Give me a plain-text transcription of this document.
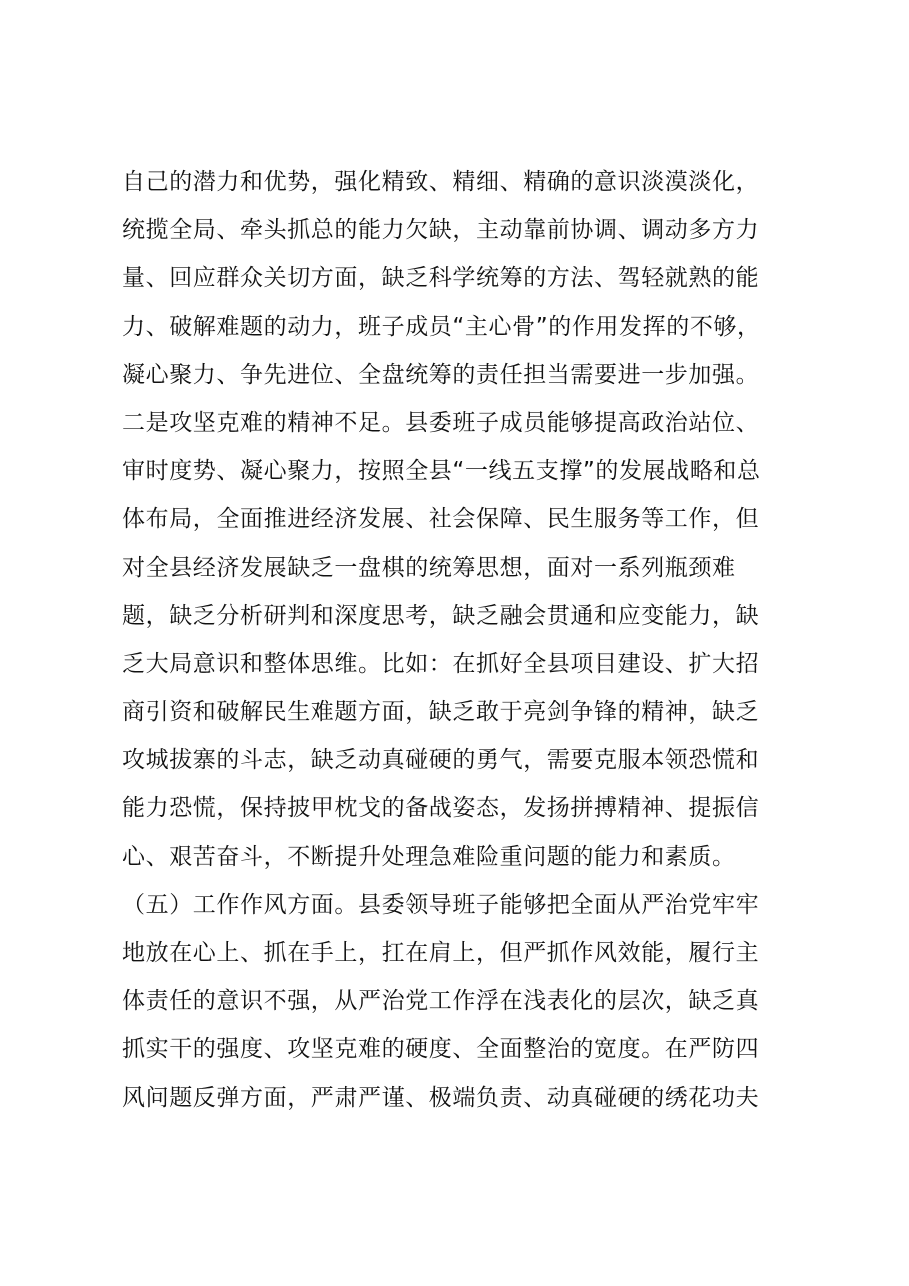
自己的潜力和优势，强化精致、精细、精确的意识淡漠淡化，
统揽全局、牵头抓总的能力欠缺，主动靠前协调、调动多方力
量、回应群众关切方面，缺乏科学统筹的方法、驾轻就熟的能
力、破解难题的动力，班子成员“主心骨”的作用发挥的不够，
凝心聚力、争先进位、全盘统筹的责任担当需要进一步加强。
二是攻坚克难的精神不足。县委班子成员能够提高政治站位、
审时度势、凝心聚力，按照全县“一线五支撑”的发展战略和总
体布局，全面推进经济发展、社会保障、民生服务等工作，但
对全县经济发展缺乏一盘棋的统筹思想，面对一系列瓶颈难
题，缺乏分析研判和深度思考，缺乏融会贯通和应变能力，缺
乏大局意识和整体思维。比如：在抓好全县项目建设、扩大招
商引资和破解民生难题方面，缺乏敢于亮剑争锋的精神，缺乏
攻城拔寨的斗志，缺乏动真碰硬的勇气，需要克服本领恐慌和
能力恐慌，保持披甲枕戈的备战姿态，发扬拼搏精神、提振信
心、艰苦奋斗，不断提升处理急难险重问题的能力和素质。
（五）工作作风方面。县委领导班子能够把全面从严治党牢牢
地放在心上、抓在手上，扛在肩上，但严抓作风效能，履行主
体责任的意识不强，从严治党工作浮在浅表化的层次，缺乏真
抓实干的强度、攻坚克难的硬度、全面整治的宽度。在严防四
风问题反弹方面，严肃严谨、极端负责、动真碰硬的绣花功夫
